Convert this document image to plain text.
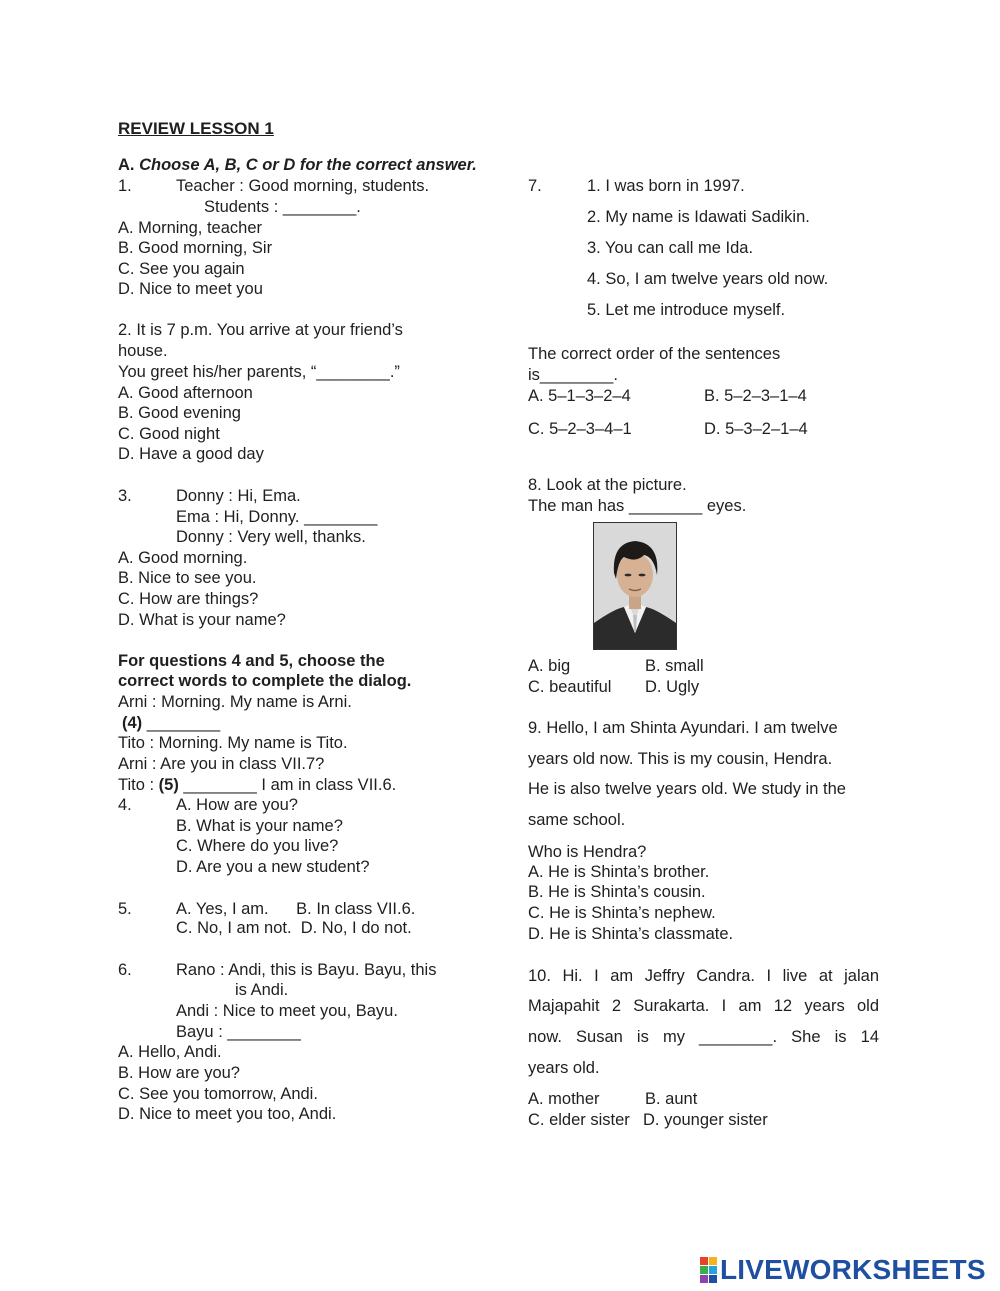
REVIEW LESSON 1
A. Choose A, B, C or D for the correct answer.
1.	Teacher : Good morning, students.
Students : ________.
A. Morning, teacher
B. Good morning, Sir
C. See you again
D. Nice to meet you
2. It is 7 p.m. You arrive at your friend’s
house.
You greet his/her parents, “________.”
A. Good afternoon
B. Good evening
C. Good night
D. Have a good day
3.	Donny : Hi, Ema.
Ema : Hi, Donny. ________
Donny : Very well, thanks.
A. Good morning.
B. Nice to see you.
C. How are things?
D. What is your name?
For questions 4 and 5, choose the
correct words to complete the dialog.
Arni : Morning. My name is Arni.
(4) ________
Tito : Morning. My name is Tito.
Arni : Are you in class VII.7?
Tito : (5) ________ I am in class VII.6.
4.	A. How are you?
B. What is your name?
C. Where do you live?
D. Are you a new student?
5.	A. Yes, I am.      B. In class VII.6.
C. No, I am not.  D. No, I do not.
6.	Rano : Andi, this is Bayu. Bayu, this
is Andi.
Andi : Nice to meet you, Bayu.
Bayu : ________
A. Hello, Andi.
B. How are you?
C. See you tomorrow, Andi.
D. Nice to meet you too, Andi.
7.	1. I was born in 1997.
2. My name is Idawati Sadikin.
3. You can call me Ida.
4. So, I am twelve years old now.
5. Let me introduce myself.
The correct order of the sentences
is________.
A. 5–1–3–2–4	B. 5–2–3–1–4
C. 5–2–3–4–1	D. 5–3–2–1–4
8. Look at the picture.
The man has ________ eyes.
A. big	B. small
C. beautiful D. Ugly
9. Hello, I am Shinta Ayundari. I am twelve
years old now. This is my cousin, Hendra.
He is also twelve years old. We study in the
same school.
Who is Hendra?
A. He is Shinta’s brother.
B. He is Shinta’s cousin.
C. He is Shinta’s nephew.
D. He is Shinta’s classmate.
10. Hi. I am Jeffry Candra. I live at jalan
Majapahit 2 Surakarta. I am 12 years old
now. Susan is my ________. She is 14
years old.
A. mother	B. aunt
C. elder sister D. younger sister
LIVEWORKSHEETS
